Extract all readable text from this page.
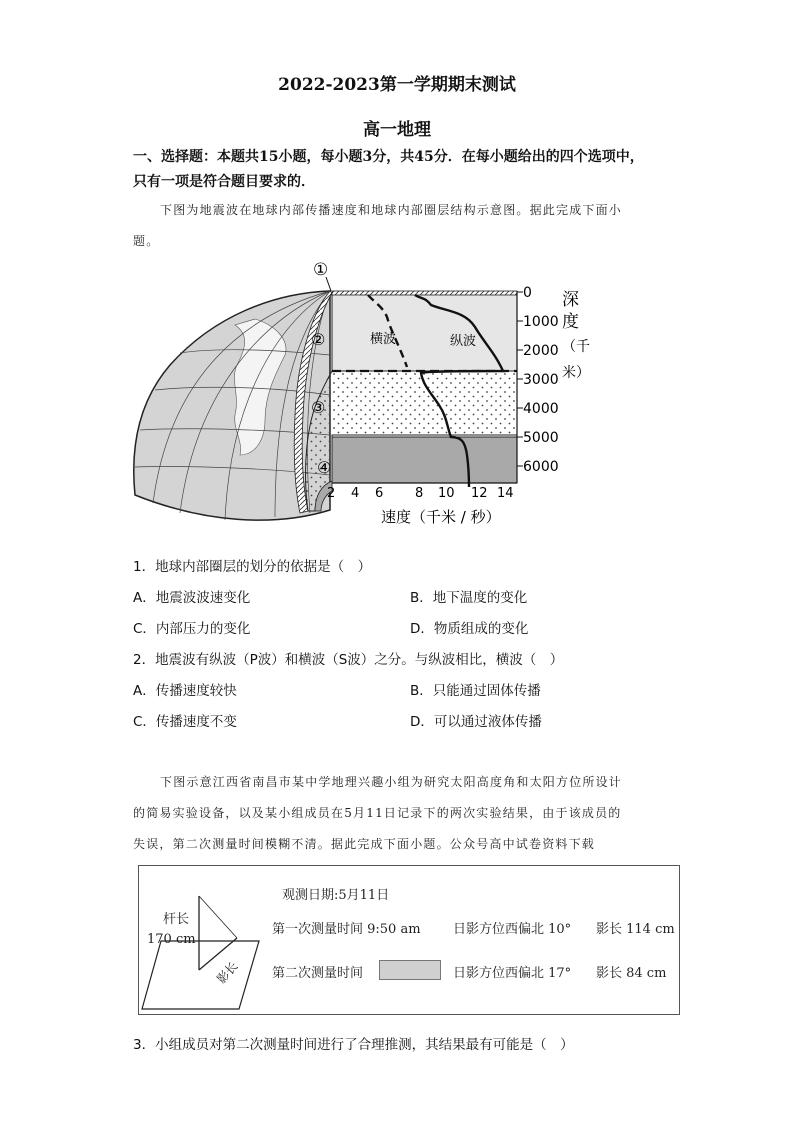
2022-2023第一学期期末测试
高一地理
一、选择题：本题共15小题，每小题3分，共45分．在每小题给出的四个选项中，
只有一项是符合题目要求的．
下图为地震波在地球内部传播速度和地球内部圈层结构示意图。据此完成下面小
题。
横波	纵波
①
②
③
④
0
1000
2000
3000
4000
5000
6000
深
度
（千
米）
2 4 6 8 10 12 14
速度（千米 / 秒）
1．地球内部圈层的划分的依据是（　）
A．地震波波速变化	B．地下温度的变化
C．内部压力的变化	D．物质组成的变化
2．地震波有纵波（P波）和横波（S波）之分。与纵波相比，横波（　）
A．传播速度较快	B．只能通过固体传播
C．传播速度不变	D．可以通过液体传播
下图示意江西省南昌市某中学地理兴趣小组为研究太阳高度角和太阳方位所设计
的简易实验设备，以及某小组成员在5月11日记录下的两次实验结果，由于该成员的
失误，第二次测量时间模糊不清。据此完成下面小题。公众号高中试卷资料下载
杆长
170 cm
影长
观测日期:5月11日
第一次测量时间 9:50 am 日影方位西偏北 10° 影长 114 cm
第二次测量时间	日影方位西偏北 17° 影长 84 cm
3．小组成员对第二次测量时间进行了合理推测，其结果最有可能是（　）
